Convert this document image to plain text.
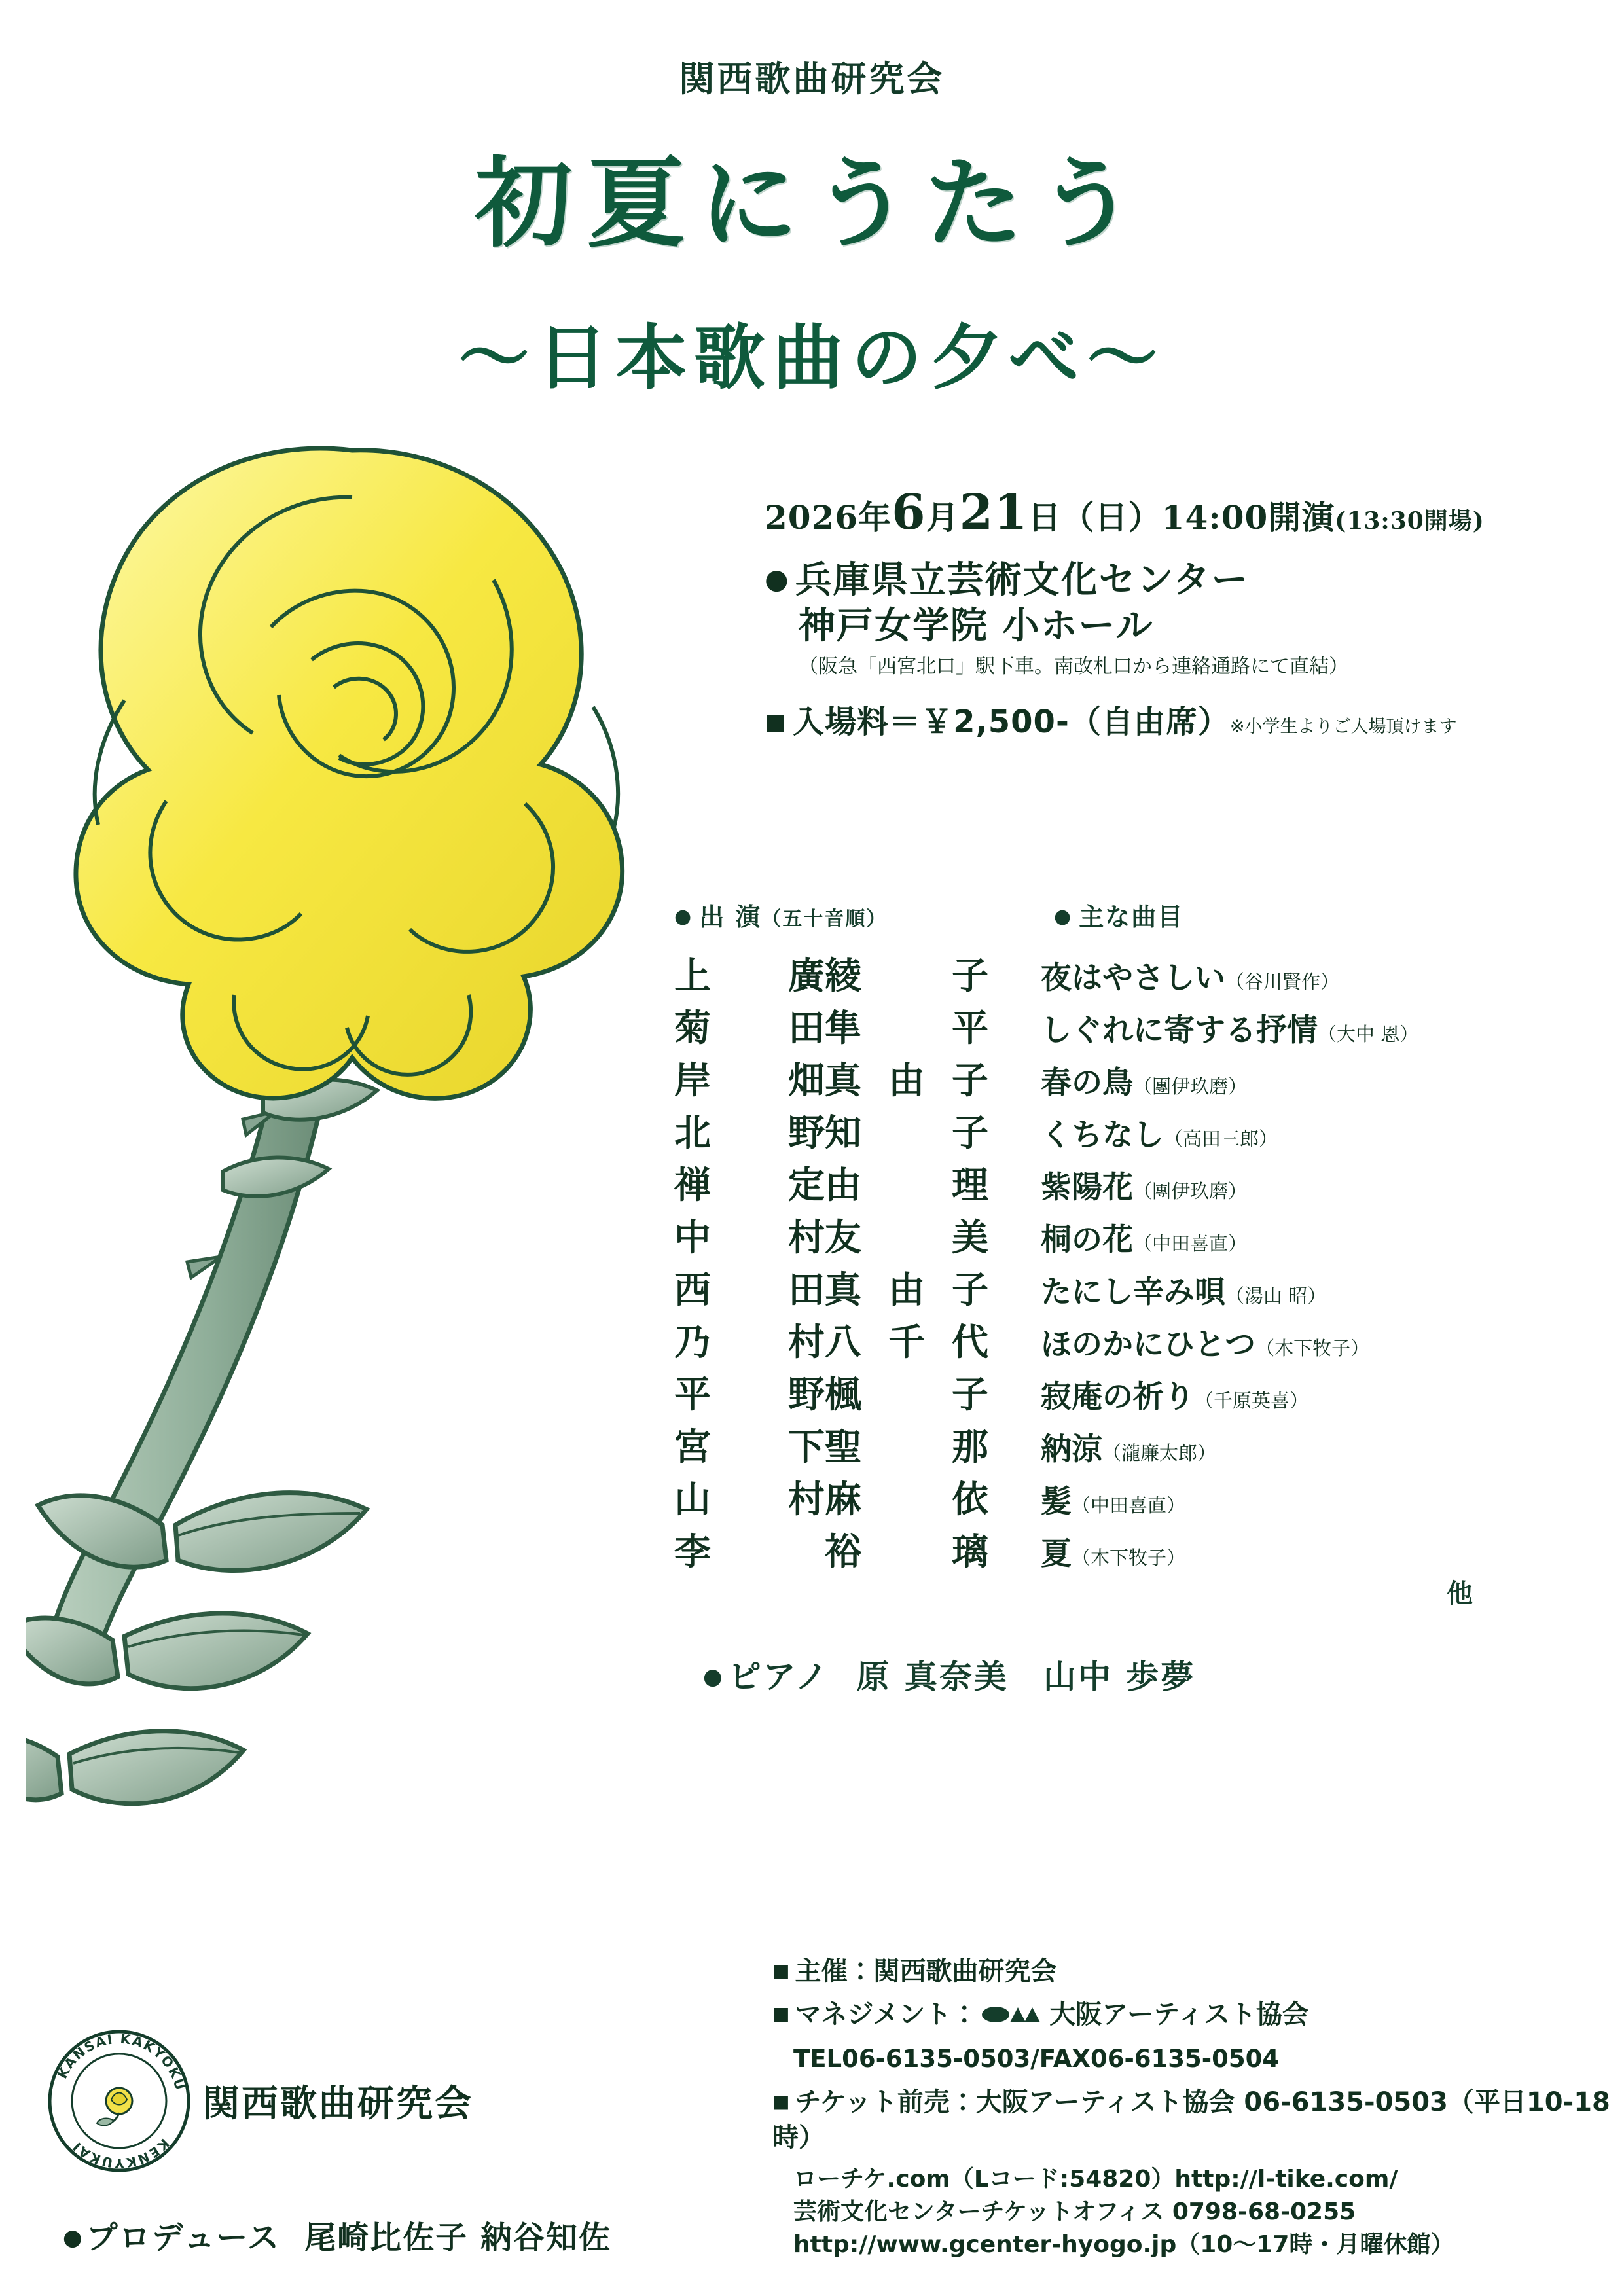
関西歌曲研究会
初夏にうたう
〜日本歌曲の夕べ〜
2026年6月21日（日）14:00開演(13:30開場)
● 兵庫県立芸術文化センター
神戸女学院 小ホール
（阪急「西宮北口」駅下車。南改札口から連絡通路にて直結）
■ 入場料＝￥2,500-（自由席）※小学生よりご入場頂けます
● 出 演（五十音順）	● 主な曲目
上廣綾子	夜はやさしい（谷川賢作）
菊田隼平	しぐれに寄する抒情（大中 恩）
岸畑真由子	春の鳥（團伊玖磨）
北野知子	くちなし（高田三郎）
禅定由理	紫陽花（團伊玖磨）
中村友美	桐の花（中田喜直）
西田真由子	たにし辛み唄（湯山 昭）
乃村八千代	ほのかにひとつ（木下牧子）
平野楓子	寂庵の祈り（千原英喜）
宮下聖那	納涼（瀧廉太郎）
山村麻依	髪（中田喜直）
李 裕璃	夏（木下牧子）
他
● ピアノ 原 真奈美　山中 歩夢
■ 主催：関西歌曲研究会
■ マネジメント：	大阪アーティスト協会
TEL06-6135-0503/FAX06-6135-0504
■ チケット前売：大阪アーティスト協会 06-6135-0503（平日10-18時）
ローチケ.com（Lコード:54820）http://l-tike.com/
芸術文化センターチケットオフィス 0798-68-0255
http://www.gcenter-hyogo.jp（10〜17時・月曜休館）
KANSAI KAKYOKU
KENKYUKAI
関西歌曲研究会
●プロデュース 尾崎比佐子 納谷知佐
